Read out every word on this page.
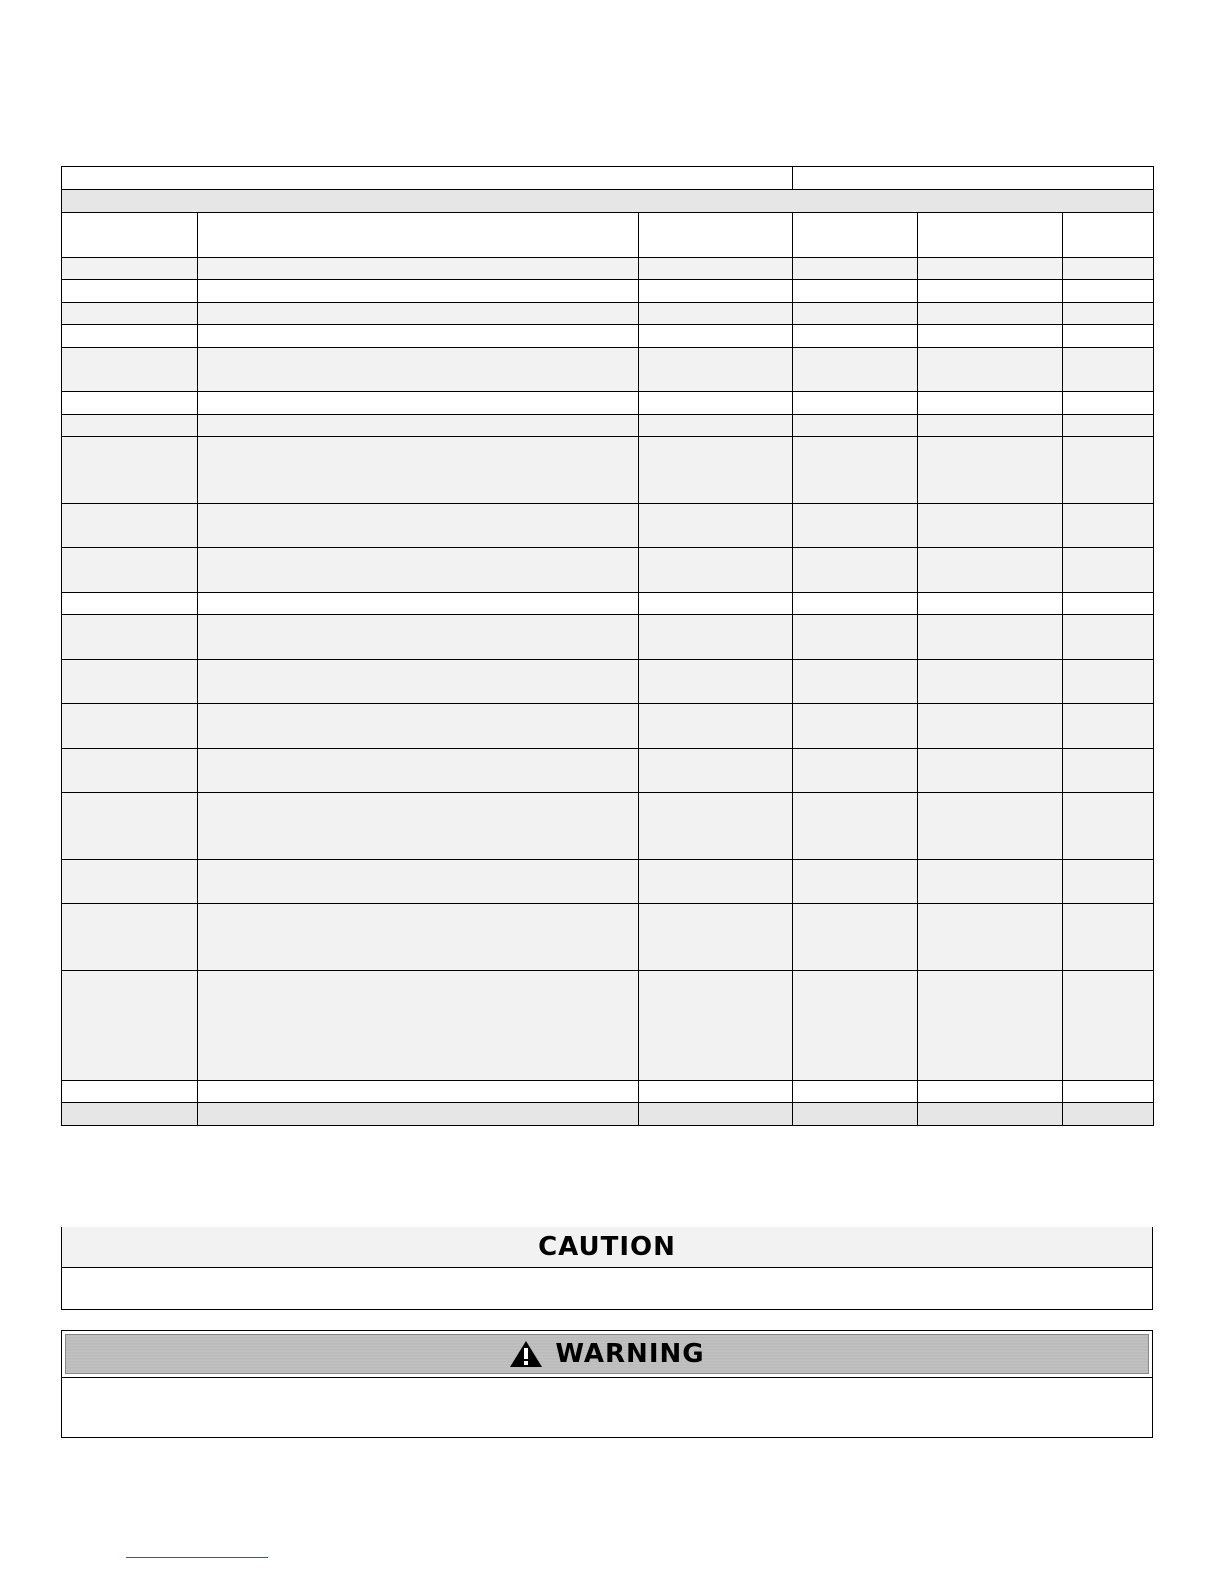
CAUTION
WARNING
